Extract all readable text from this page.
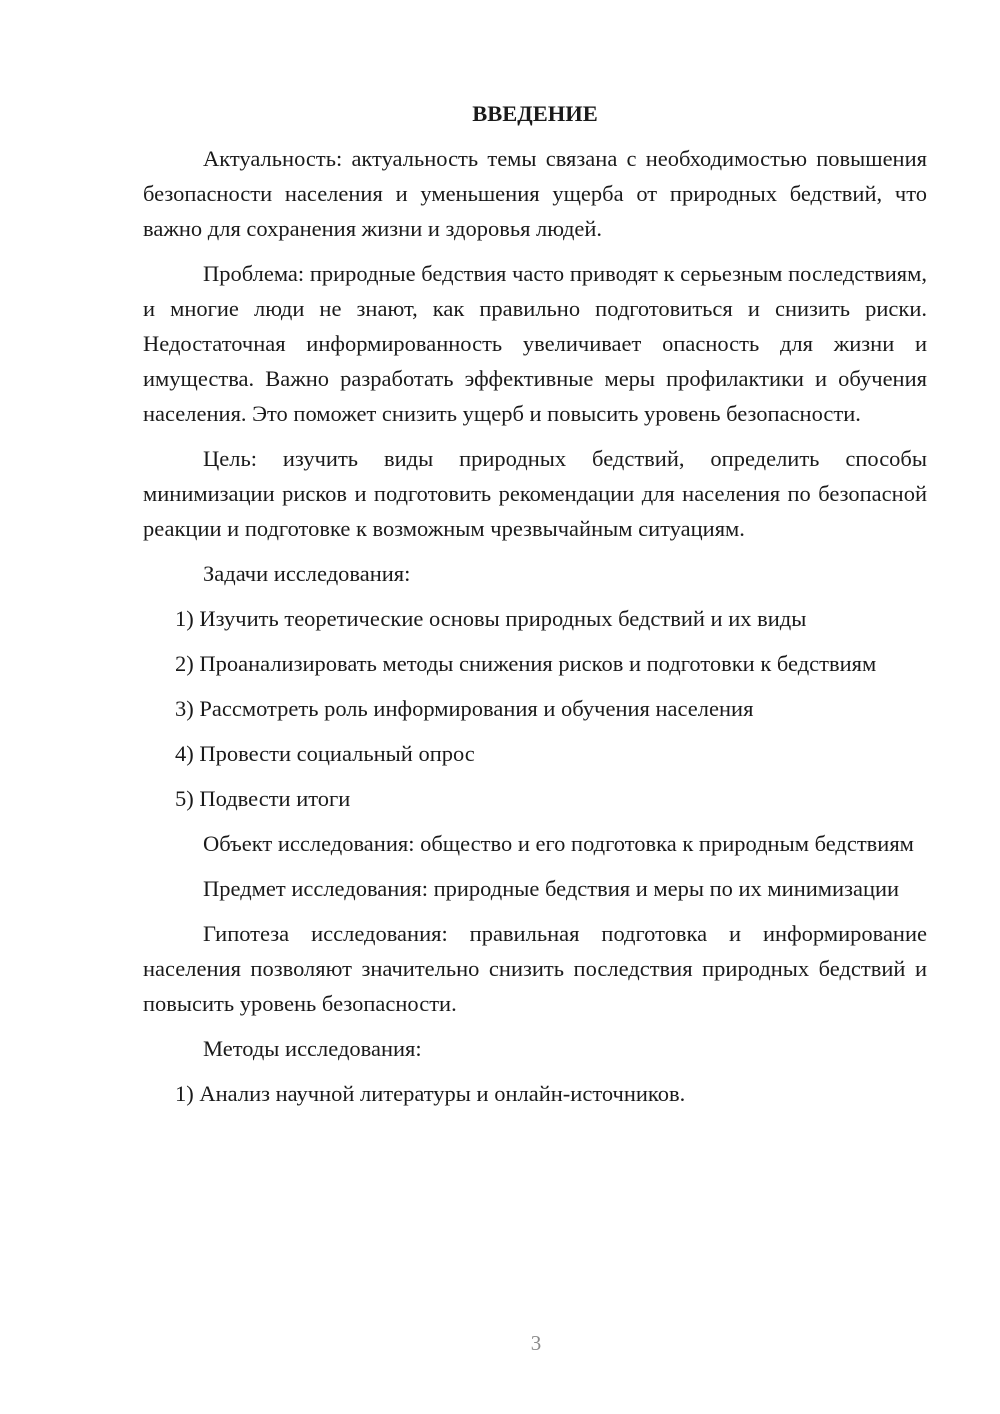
ВВЕДЕНИЕ
Актуальность: актуальность темы связана с необходимостью повышения безопасности населения и уменьшения ущерба от природных бедствий, что важно для сохранения жизни и здоровья людей.
Проблема: природные бедствия часто приводят к серьезным последствиям, и многие люди не знают, как правильно подготовиться и снизить риски. Недостаточная информированность увеличивает опасность для жизни и имущества. Важно разработать эффективные меры профилактики и обучения населения. Это поможет снизить ущерб и повысить уровень безопасности.
Цель: изучить виды природных бедствий, определить способы минимизации рисков и подготовить рекомендации для населения по безопасной реакции и подготовке к возможным чрезвычайным ситуациям.
Задачи исследования:
1) Изучить теоретические основы природных бедствий и их виды
2) Проанализировать методы снижения рисков и подготовки к бедствиям
3) Рассмотреть роль информирования и обучения населения
4) Провести социальный опрос
5) Подвести итоги
Объект исследования: общество и его подготовка к природным бедствиям
Предмет исследования: природные бедствия и меры по их минимизации
Гипотеза исследования: правильная подготовка и информирование населения позволяют значительно снизить последствия природных бедствий и повысить уровень безопасности.
Методы исследования:
1) Анализ научной литературы и онлайн-источников.
3
